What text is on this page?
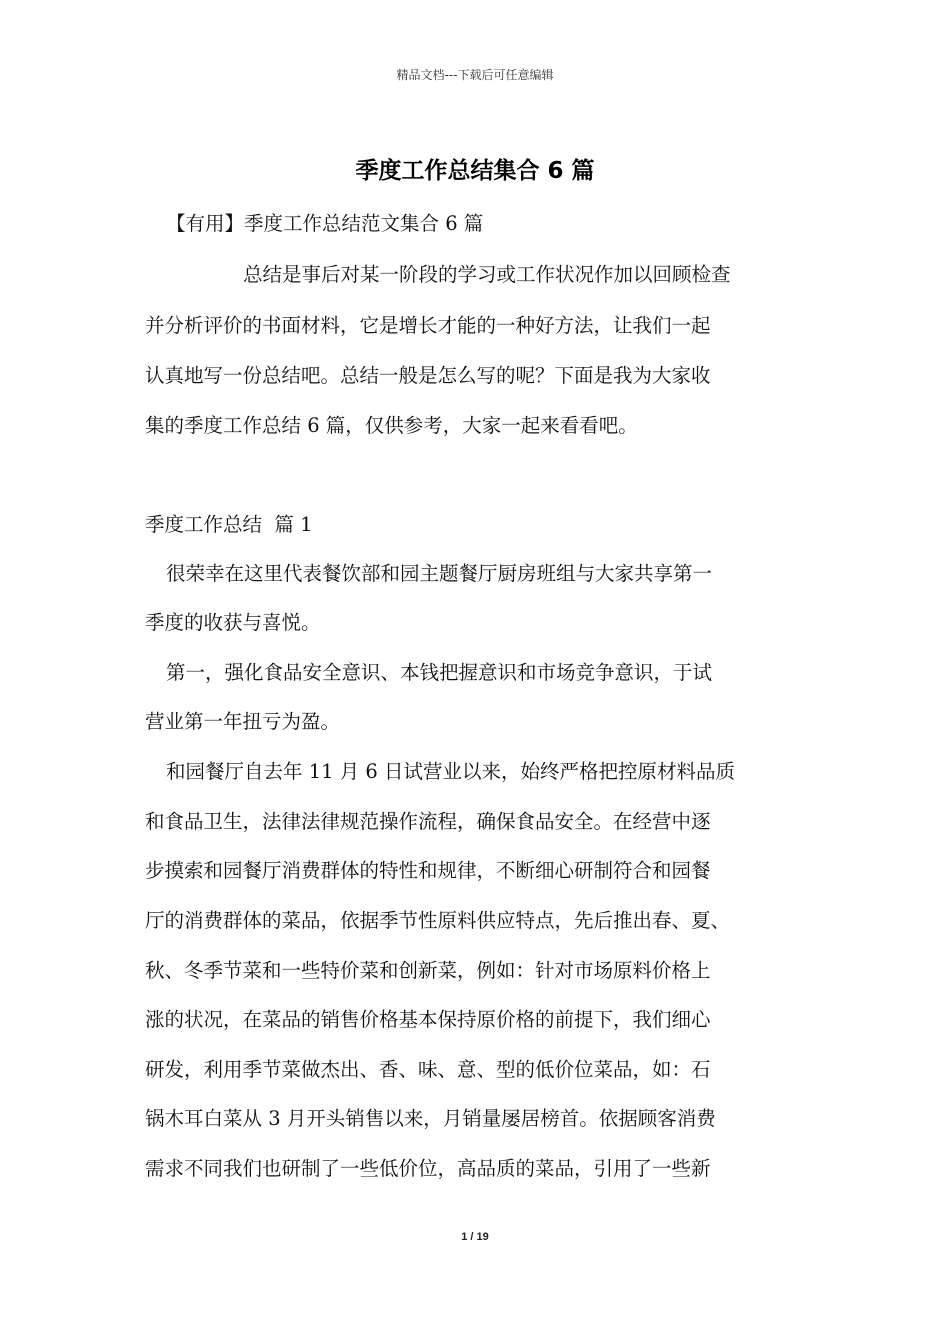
精品文档---下载后可任意编辑
季度工作总结集合 6 篇
【有用】季度工作总结范文集合 6 篇
总结是事后对某一阶段的学习或工作状况作加以回顾检查
并分析评价的书面材料，它是增长才能的一种好方法，让我们一起
认真地写一份总结吧。总结一般是怎么写的呢？下面是我为大家收
集的季度工作总结 6 篇，仅供参考，大家一起来看看吧。
季度工作总结  篇 1
很荣幸在这里代表餐饮部和园主题餐厅厨房班组与大家共享第一
季度的收获与喜悦。
第一，强化食品安全意识、本钱把握意识和市场竞争意识，于试
营业第一年扭亏为盈。
和园餐厅自去年 11 月 6 日试营业以来，始终严格把控原材料品质
和食品卫生，法律法律规范操作流程，确保食品安全。在经营中逐
步摸索和园餐厅消费群体的特性和规律，不断细心研制符合和园餐
厅的消费群体的菜品，依据季节性原料供应特点，先后推出春、夏、
秋、冬季节菜和一些特价菜和创新菜，例如：针对市场原料价格上
涨的状况，在菜品的销售价格基本保持原价格的前提下，我们细心
研发，利用季节菜做杰出、香、味、意、型的低价位菜品，如：石
锅木耳白菜从 3 月开头销售以来，月销量屡居榜首。依据顾客消费
需求不同我们也研制了一些低价位，高品质的菜品，引用了一些新
1 / 19
